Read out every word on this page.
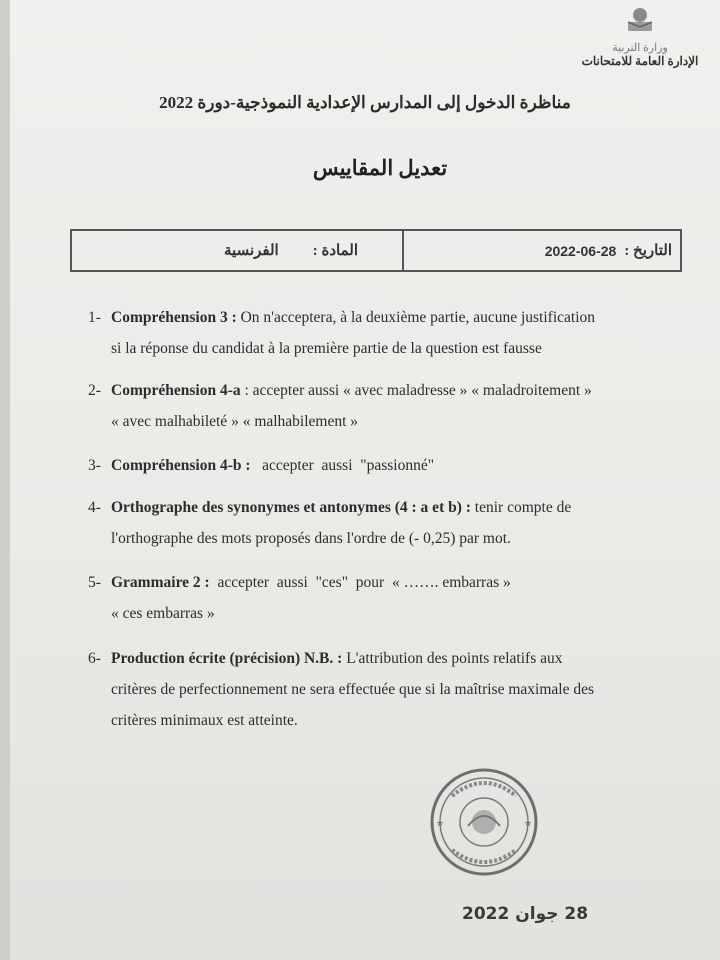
وزارة التربية
الإدارة العامة للامتحانات
مناظرة الدخول إلى المدارس الإعدادية النموذجية-دورة 2022
تعديل المقاييس
التاريخ :
2022-06-28
المادة :
الفرنسية
1- Compréhension 3 : On n'acceptera, à la deuxième partie, aucune justification
si la réponse du candidat à la première partie de la question est fausse
2- Compréhension 4-a : accepter aussi « avec maladresse » « maladroitement »
« avec malhabileté » « malhabilement »
3- Compréhension 4-b :   accepter  aussi  "passionné"
4- Orthographe des synonymes et antonymes (4 : a et b) : tenir compte de
l'orthographe des mots proposés dans l'ordre de (- 0,25) par mot.
5- Grammaire 2 :  accepter  aussi  "ces"  pour  « ……. embarras »
« ces embarras »
6- Production écrite (précision) N.B. : L'attribution des points relatifs aux
critères de perfectionnement ne sera effectuée que si la maîtrise maximale des
critères minimaux est atteinte.
★	★
28 جوان 2022
